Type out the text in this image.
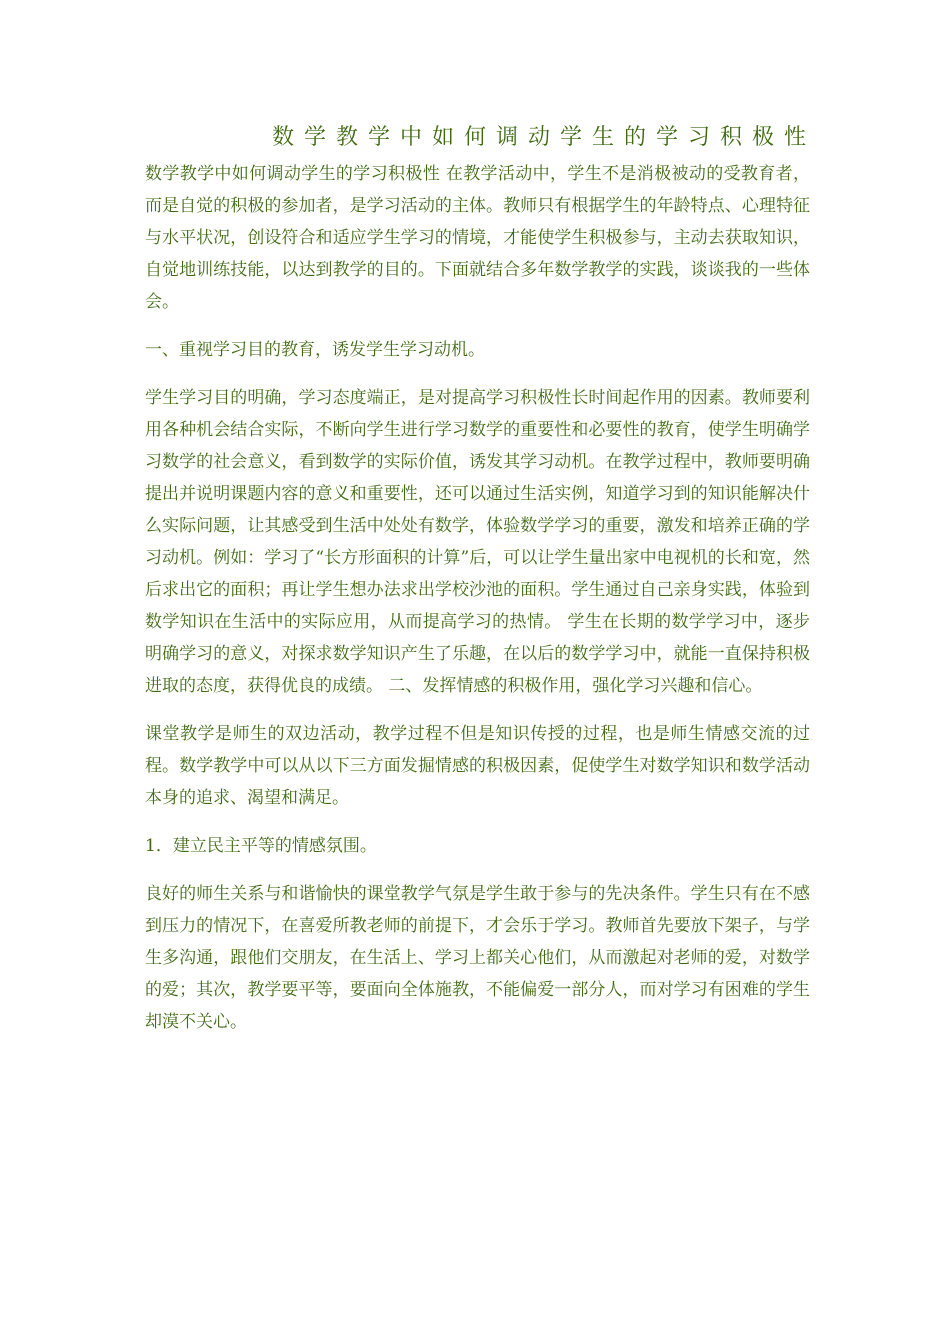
数学教学中如何调动学生的学习积极性

数学教学中如何调动学生的学习积极性 在教学活动中，学生不是消极被动的受教育者，而是自觉的积极的参加者，是学习活动的主体。教师只有根据学生的年龄特点、心理特征与水平状况，创设符合和适应学生学习的情境，才能使学生积极参与，主动去获取知识，自觉地训练技能，以达到教学的目的。下面就结合多年数学教学的实践，谈谈我的一些体会。

一、重视学习目的教育，诱发学生学习动机。

学生学习目的明确，学习态度端正，是对提高学习积极性长时间起作用的因素。教师要利用各种机会结合实际，不断向学生进行学习数学的重要性和必要性的教育，使学生明确学习数学的社会意义，看到数学的实际价值，诱发其学习动机。在教学过程中，教师要明确提出并说明课题内容的意义和重要性，还可以通过生活实例，知道学习到的知识能解决什么实际问题，让其感受到生活中处处有数学，体验数学学习的重要，激发和培养正确的学习动机。例如：学习了“长方形面积的计算”后，可以让学生量出家中电视机的长和宽，然后求出它的面积；再让学生想办法求出学校沙池的面积。学生通过自己亲身实践，体验到数学知识在生活中的实际应用，从而提高学习的热情。 学生在长期的数学学习中，逐步明确学习的意义，对探求数学知识产生了乐趣，在以后的数学学习中，就能一直保持积极进取的态度，获得优良的成绩。 二、发挥情感的积极作用，强化学习兴趣和信心。

课堂教学是师生的双边活动，教学过程不但是知识传授的过程，也是师生情感交流的过程。数学教学中可以从以下三方面发掘情感的积极因素，促使学生对数学知识和数学活动本身的追求、渴望和满足。

1．建立民主平等的情感氛围。

良好的师生关系与和谐愉快的课堂教学气氛是学生敢于参与的先决条件。学生只有在不感到压力的情况下，在喜爱所教老师的前提下，才会乐于学习。教师首先要放下架子，与学生多沟通，跟他们交朋友，在生活上、学习上都关心他们，从而激起对老师的爱，对数学的爱；其次，教学要平等，要面向全体施教，不能偏爱一部分人，而对学习有困难的学生却漠不关心。
